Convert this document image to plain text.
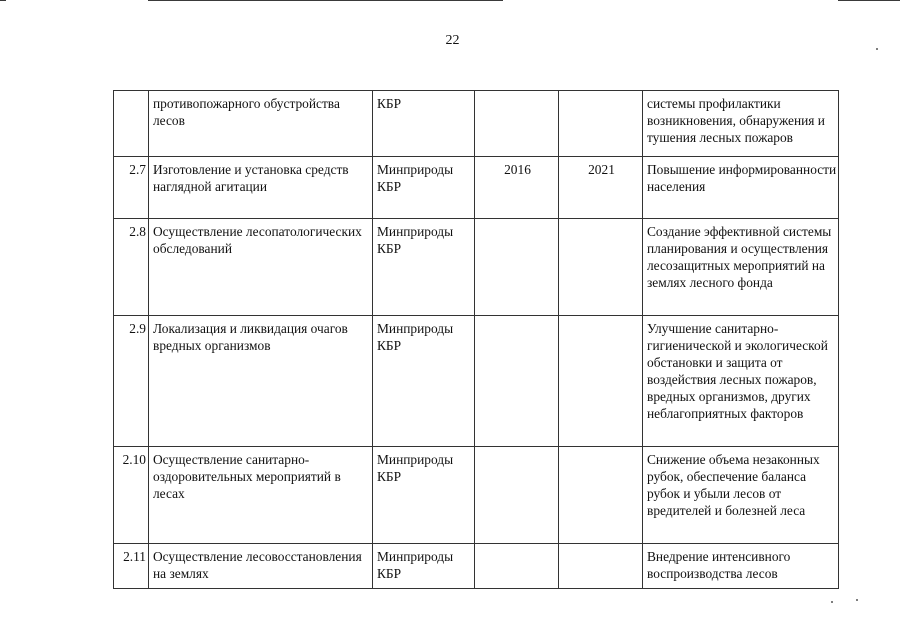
22
	противопожарного обустройства лесов	КБР			системы профилактики возникновения, обнаружения и тушения лесных пожаров
2.7	Изготовление и установка средств наглядной агитации	Минприроды КБР	2016	2021	Повышение информированности населения
2.8	Осуществление лесопатологических обследований	Минприроды КБР			Создание эффективной системы планирования и осуществления лесозащитных мероприятий на землях лесного фонда
2.9	Локализация и ликвидация очагов вредных организмов	Минприроды КБР			Улучшение санитарно-гигиенической и экологической обстановки и защита от воздействия лесных пожаров, вредных организмов, других неблагоприятных факторов
2.10	Осуществление санитарно-оздоровительных мероприятий в лесах	Минприроды КБР			Снижение объема незаконных рубок, обеспечение баланса рубок и убыли лесов от вредителей и болезней леса
2.11	Осуществление лесовосстановления на землях	Минприроды КБР			Внедрение интенсивного воспроизводства лесов
